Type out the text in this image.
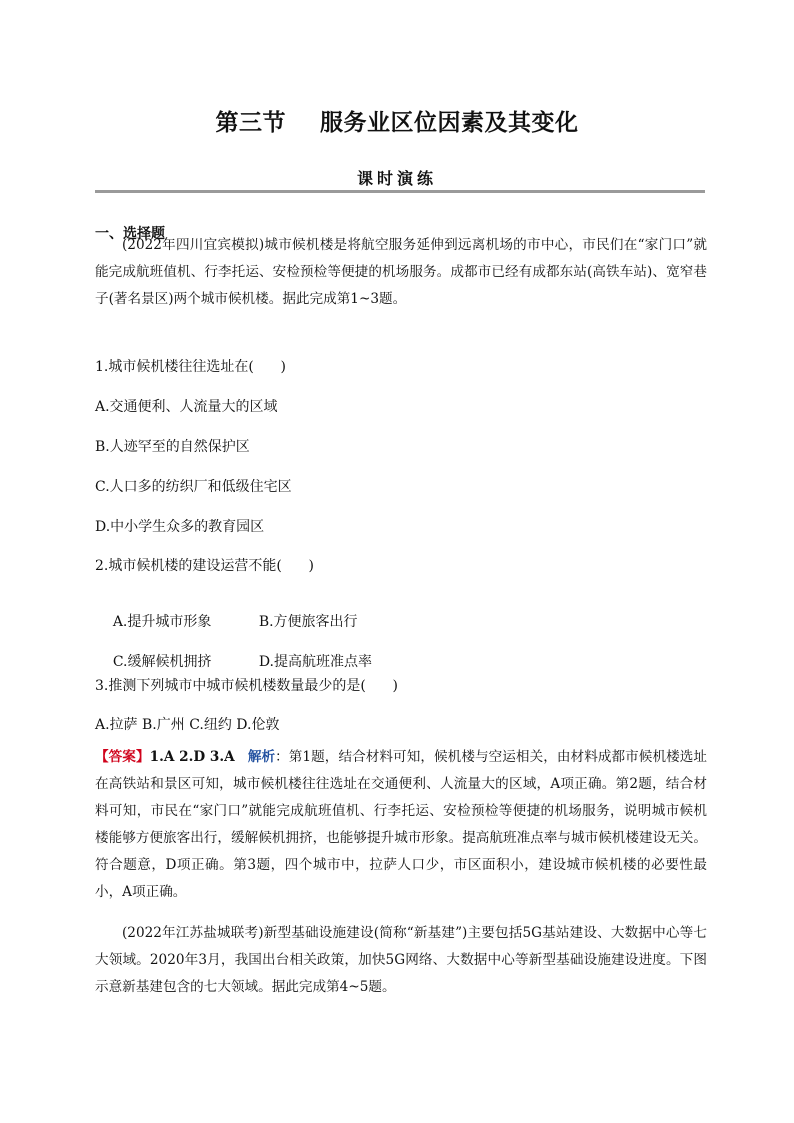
第三节    服务业区位因素及其变化
课时演练
一、选择题
(2022年四川宜宾模拟)城市候机楼是将航空服务延伸到远离机场的市中心，市民们在“家门口”就能完成航班值机、行李托运、安检预检等便捷的机场服务。成都市已经有成都东站(高铁车站)、宽窄巷子(著名景区)两个城市候机楼。据此完成第1~3题。
1.城市候机楼往往选址在(      )
A.交通便利、人流量大的区域
B.人迹罕至的自然保护区
C.人口多的纺织厂和低级住宅区
D.中小学生众多的教育园区
2.城市候机楼的建设运营不能(      )

A.提升城市形象	B.方便旅客出行

C.缓解候机拥挤	D.提高航班准点率

3.推测下列城市中城市候机楼数量最少的是(      )
A.拉萨 B.广州 C.纽约 D.伦敦
【答案】1.A 2.D 3.A 解析：第1题，结合材料可知，候机楼与空运相关，由材料成都市候机楼选址在高铁站和景区可知，城市候机楼往往选址在交通便利、人流量大的区域，A项正确。第2题，结合材料可知，市民在“家门口”就能完成航班值机、行李托运、安检预检等便捷的机场服务，说明城市候机楼能够方便旅客出行，缓解候机拥挤，也能够提升城市形象。提高航班准点率与城市候机楼建设无关。符合题意，D项正确。第3题，四个城市中，拉萨人口少，市区面积小，建设城市候机楼的必要性最小，A项正确。
(2022年江苏盐城联考)新型基础设施建设(简称“新基建”)主要包括5G基站建设、大数据中心等七大领域。2020年3月，我国出台相关政策，加快5G网络、大数据中心等新型基础设施建设进度。下图示意新基建包含的七大领域。据此完成第4~5题。
